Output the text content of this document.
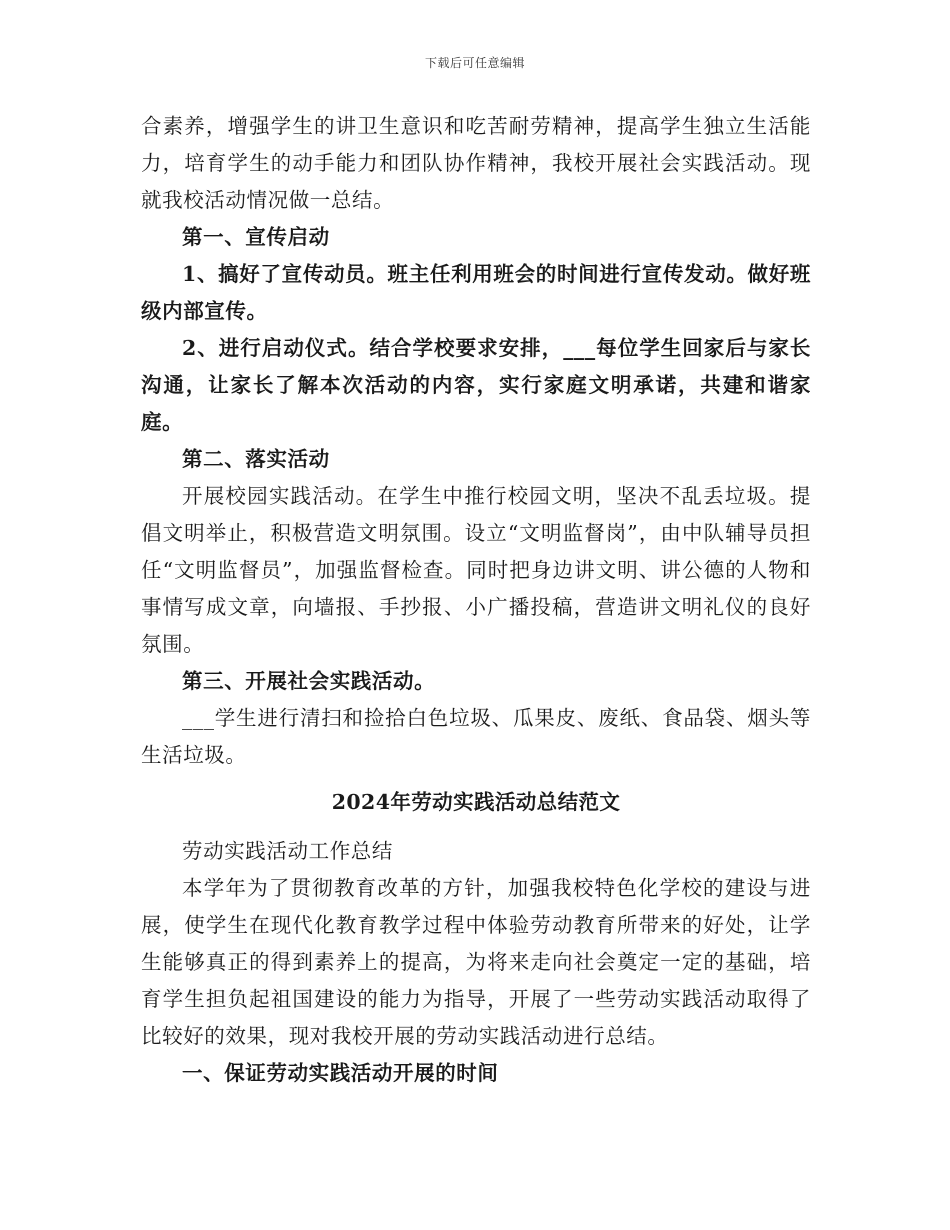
下载后可任意编辑

合素养，增强学生的讲卫生意识和吃苦耐劳精神，提高学生独立生活能力，培育学生的动手能力和团队协作精神，我校开展社会实践活动。现就我校活动情况做一总结。

第一、宣传启动

1、搞好了宣传动员。班主任利用班会的时间进行宣传发动。做好班级内部宣传。

2、进行启动仪式。结合学校要求安排，___每位学生回家后与家长沟通，让家长了解本次活动的内容，实行家庭文明承诺，共建和谐家庭。

第二、落实活动

开展校园实践活动。在学生中推行校园文明，坚决不乱丢垃圾。提倡文明举止，积极营造文明氛围。设立“文明监督岗”，由中队辅导员担任“文明监督员”，加强监督检查。同时把身边讲文明、讲公德的人物和事情写成文章，向墙报、手抄报、小广播投稿，营造讲文明礼仪的良好氛围。

第三、开展社会实践活动。

___学生进行清扫和捡拾白色垃圾、瓜果皮、废纸、食品袋、烟头等生活垃圾。

2024年劳动实践活动总结范文

劳动实践活动工作总结

本学年为了贯彻教育改革的方针，加强我校特色化学校的建设与进展，使学生在现代化教育教学过程中体验劳动教育所带来的好处，让学生能够真正的得到素养上的提高，为将来走向社会奠定一定的基础，培育学生担负起祖国建设的能力为指导，开展了一些劳动实践活动取得了比较好的效果，现对我校开展的劳动实践活动进行总结。

一、保证劳动实践活动开展的时间
